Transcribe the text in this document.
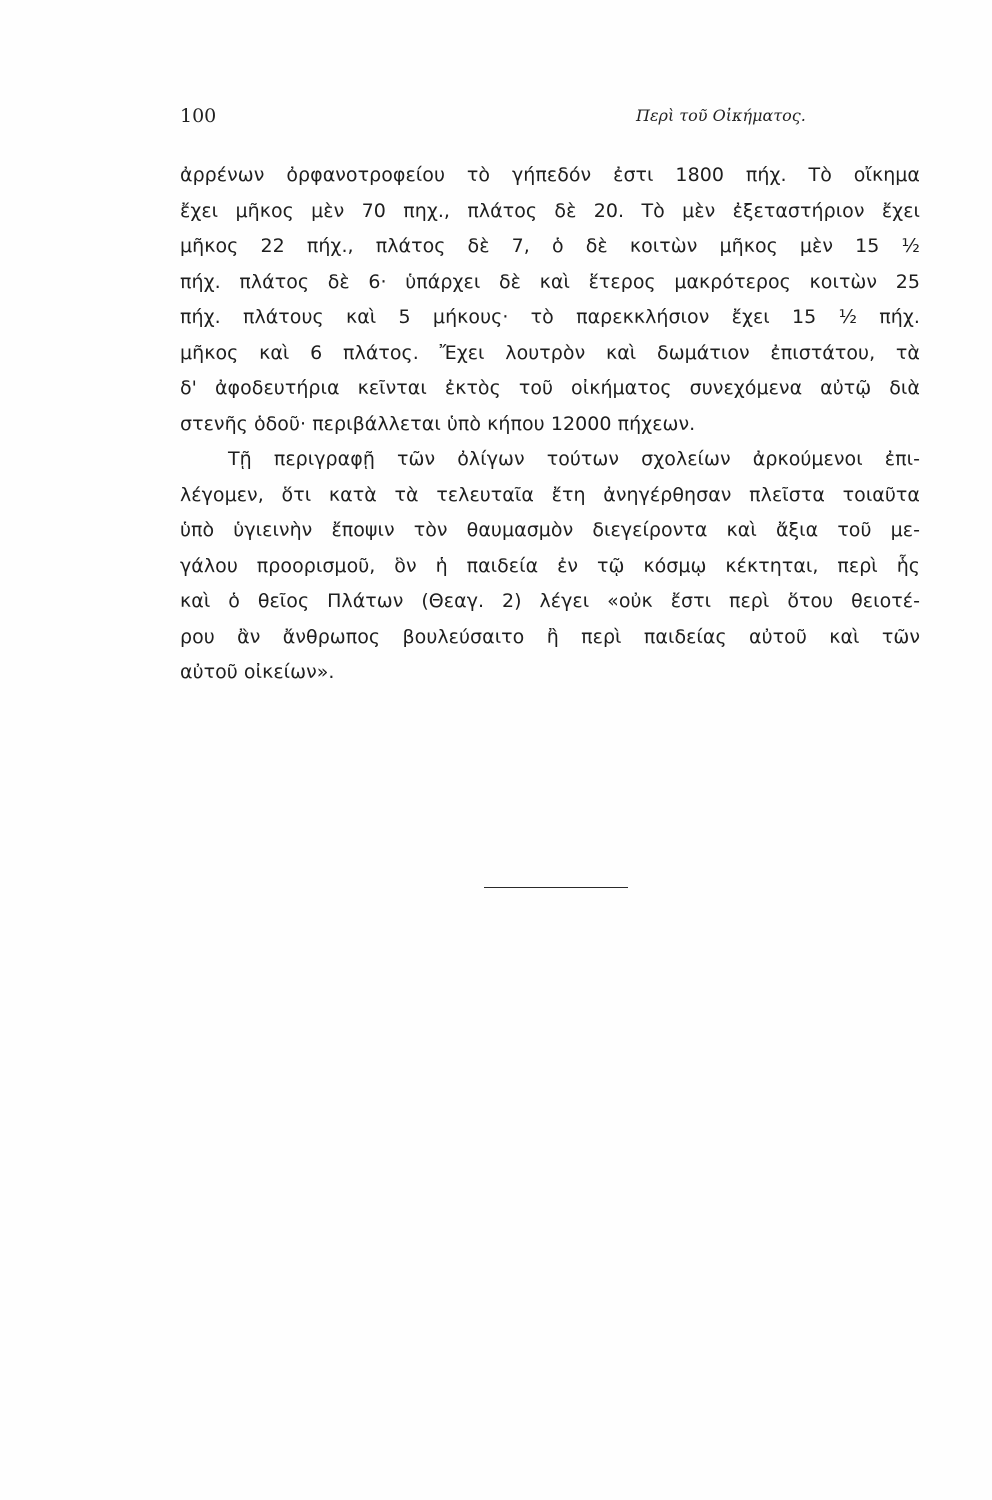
100	Περὶ τοῦ Οἰκήματος.
ἀρρένων ὀρφανοτροφείου τὸ γήπεδόν ἐστι 1800 πήχ. Τὸ οἴκημα
ἔχει μῆκος μὲν 70 πηχ., πλάτος δὲ 20. Τὸ μὲν ἐξεταστήριον ἔχει
μῆκος 22 πήχ., πλάτος δὲ 7, ὁ δὲ κοιτὼν μῆκος μὲν 15 ½
πήχ. πλάτος δὲ 6· ὑπάρχει δὲ καὶ ἕτερος μακρότερος κοιτὼν 25
πήχ. πλάτους καὶ 5 μήκους· τὸ παρεκκλήσιον ἔχει 15 ½ πήχ.
μῆκος καὶ 6 πλάτος. Ἔχει λουτρὸν καὶ δωμάτιον ἐπιστάτου, τὰ
δ' ἀφοδευτήρια κεῖνται ἐκτὸς τοῦ οἰκήματος συνεχόμενα αὐτῷ διὰ
στενῆς ὁδοῦ· περιβάλλεται ὑπὸ κήπου 12000 πήχεων.
Τῇ περιγραφῇ τῶν ὀλίγων τούτων σχολείων ἀρκούμενοι ἐπι-
λέγομεν, ὅτι κατὰ τὰ τελευταῖα ἔτη ἀνηγέρθησαν πλεῖστα τοιαῦτα
ὑπὸ ὑγιεινὴν ἔποψιν τὸν θαυμασμὸν διεγείροντα καὶ ἄξια τοῦ με-
γάλου προορισμοῦ, ὃν ἡ παιδεία ἐν τῷ κόσμῳ κέκτηται, περὶ ἧς
καὶ ὁ θεῖος Πλάτων (Θεαγ. 2) λέγει «οὐκ ἔστι περὶ ὅτου θειοτέ-
ρου ἂν ἄνθρωπος βουλεύσαιτο ἢ περὶ παιδείας αὐτοῦ καὶ τῶν
αὐτοῦ οἰκείων».
